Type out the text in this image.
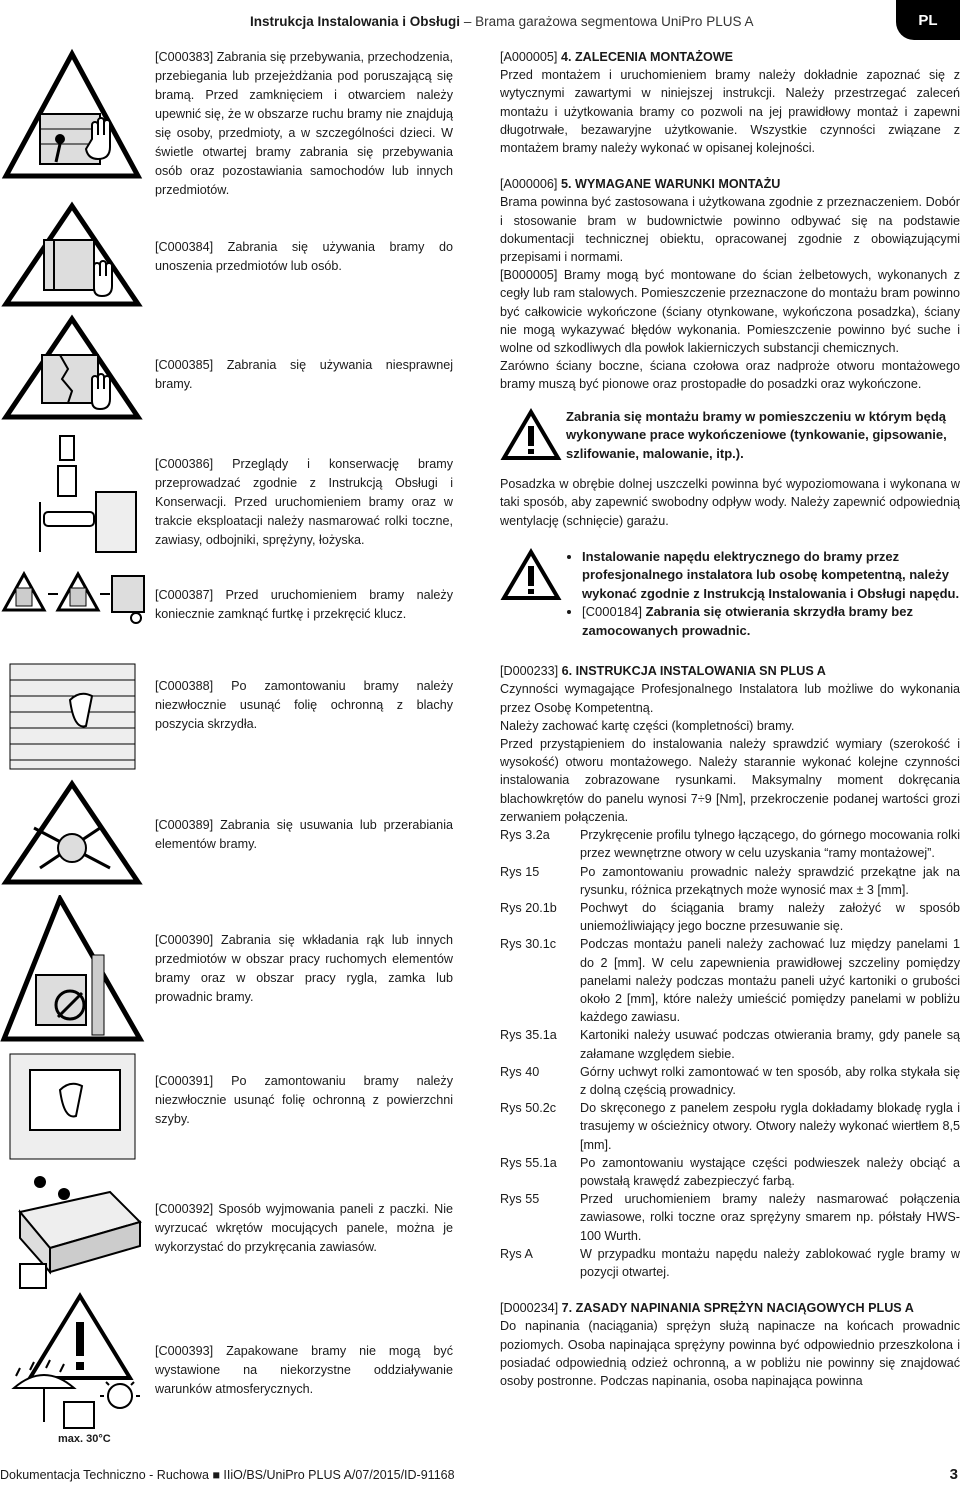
Instrukcja Instalowania i Obsługi – Brama garażowa segmentowa UniPro PLUS A	PL
[C000383] Zabrania się przebywania, przechodzenia, przebiegania lub przejeżdżania pod poruszającą się bramą. Przed zamknięciem i otwarciem należy upewnić się, że w obszarze ruchu bramy nie znajdują się osoby, przedmioty, a w szczególności dzieci. W świetle otwartej bramy zabrania się przebywania osób oraz pozostawiania samochodów lub innych przedmiotów.
[C000384] Zabrania się używania bramy do unoszenia przedmiotów lub osób.
[C000385] Zabrania się używania niesprawnej bramy.
[C000386] Przeglądy i konserwację bramy przeprowadzać zgodnie z Instrukcją Obsługi i Konserwacji. Przed uruchomieniem bramy oraz w trakcie eksploatacji należy nasmarować rolki toczne, zawiasy, odbojniki, sprężyny, łożyska.
[C000387] Przed uruchomieniem bramy należy koniecznie zamknąć furtkę i przekręcić klucz.
[C000388] Po zamontowaniu bramy należy niezwłocznie usunąć folię ochronną z blachy poszycia skrzydła.
[C000389] Zabrania się usuwania lub przerabiania elementów bramy.
[C000390] Zabrania się wkładania rąk lub innych przedmiotów w obszar pracy ruchomych elementów bramy oraz w obszar pracy rygla, zamka lub prowadnic bramy.
[C000391] Po zamontowaniu bramy należy niezwłocznie usunąć folię ochronną z powierzchni szyby.
[C000392] Sposób wyjmowania paneli z paczki. Nie wyrzucać wkrętów mocujących panele, można je wykorzystać do przykręcania zawiasów.
max. 30°C
[C000393] Zapakowane bramy nie mogą być wystawione na niekorzystne oddziaływanie warunków atmosferycznych.
[A000005] 4. ZALECENIA MONTAŻOWE

Przed montażem i uruchomieniem bramy należy dokładnie zapoznać się z wytycznymi zawartymi w niniejszej instrukcji. Należy przestrzegać zaleceń montażu i użytkowania bramy co pozwoli na jej prawidłowy montaż i zapewni długotrwałe, bezawaryjne użytkowanie. Wszystkie czynności związane z montażem bramy należy wykonać w opisanej kolejności.

[A000006] 5. WYMAGANE WARUNKI MONTAŻU

Brama powinna być zastosowana i użytkowana zgodnie z przeznaczeniem. Dobór i stosowanie bram w budownictwie powinno odbywać się na podstawie dokumentacji technicznej obiektu, opracowanej zgodnie z obowiązującymi przepisami i normami.

[B000005] Bramy mogą być montowane do ścian żelbetowych, wykonanych z cegły lub ram stalowych. Pomieszczenie przeznaczone do montażu bram powinno być całkowicie wykończone (ściany otynkowane, wykończona posadzka), ściany nie mogą wykazywać błędów wykonania. Pomieszczenie powinno być suche i wolne od szkodliwych dla powłok lakierniczych substancji chemicznych.

Zarówno ściany boczne, ściana czołowa oraz nadproże otworu montażowego bramy muszą być pionowe oraz prostopadłe do posadzki oraz wykończone.

Zabrania się montażu bramy w pomieszczeniu w którym będą wykonywane prace wykończeniowe (tynkowanie, gipsowanie, szlifowanie, malowanie, itp.).

Posadzka w obrębie dolnej uszczelki powinna być wypoziomowana i wykonana w taki sposób, aby zapewnić swobodny odpływ wody. Należy zapewnić odpowiednią wentylację (schnięcie) garażu.

• Instalowanie napędu elektrycznego do bramy przez profesjonalnego instalatora lub osobę kompetentną, należy wykonać zgodnie z Instrukcją Instalowania i Obsługi napędu.
• [C000184] Zabrania się otwierania skrzydła bramy bez zamocowanych prowadnic.
[D000233] 6. INSTRUKCJA INSTALOWANIA SN PLUS A

Czynności wymagające Profesjonalnego Instalatora lub możliwe do wykonania przez Osobę Kompetentną.

Należy zachować kartę części (kompletności) bramy.

Przed przystąpieniem do instalowania należy sprawdzić wymiary (szerokość i wysokość) otworu montażowego. Należy starannie wykonać kolejne czynności instalowania zobrazowane rysunkami. Maksymalny moment dokręcania blachowkrętów do panelu wynosi 7÷9 [Nm], przekroczenie podanej wartości grozi zerwaniem połączenia.

Rys 3.2a	Przykręcenie profilu tylnego łączącego, do górnego mocowania rolki przez wewnętrzne otwory w celu uzyskania “ramy montażowej”.
Rys 15	Po zamontowaniu prowadnic należy sprawdzić przekątne jak na rysunku, różnica przekątnych może wynosić max ± 3 [mm].
Rys 20.1b	Pochwyt do ściągania bramy należy założyć w sposób uniemożliwiający jego boczne przesuwanie się.
Rys 30.1c	Podczas montażu paneli należy zachować luz między panelami 1 do 2 [mm]. W celu zapewnienia prawidłowej szczeliny pomiędzy panelami należy podczas montażu paneli użyć kartoniki o grubości około 2 [mm], które należy umieścić pomiędzy panelami w pobliżu każdego zawiasu.
Rys 35.1a	Kartoniki należy usuwać podczas otwierania bramy, gdy panele są załamane względem siebie.
Rys 40	Górny uchwyt rolki zamontować w ten sposób, aby rolka stykała się z dolną częścią prowadnicy.
Rys 50.2c	Do skręconego z panelem zespołu rygla dokładamy blokadę rygla i trasujemy w ościeżnicy otwory. Otwory należy wykonać wiertłem 8,5 [mm].
Rys 55.1a	Po zamontowaniu wystające części podwieszek należy obciąć a powstałą krawędź zabezpieczyć farbą.
Rys 55	Przed uruchomieniem bramy należy nasmarować połączenia zawiasowe, rolki toczne oraz sprężyny smarem np. półstały HWS-100 Wurth.
Rys A	W przypadku montażu napędu należy zablokować rygle bramy w pozycji otwartej.
[D000234] 7. ZASADY NAPINANIA SPRĘŻYN NACIĄGOWYCH PLUS A

Do napinania (naciągania) sprężyn służą napinacze na końcach prowadnic poziomych. Osoba napinająca sprężyny powinna być odpowiednio przeszkolona i posiadać odpowiednią odzież ochronną, a w pobliżu nie powinny się znajdować osoby postronne. Podczas napinania, osoba napinająca powinna

Dokumentacja Techniczno - Ruchowa ■ IIiO/BS/UniPro PLUS A/07/2015/ID-91168	3
